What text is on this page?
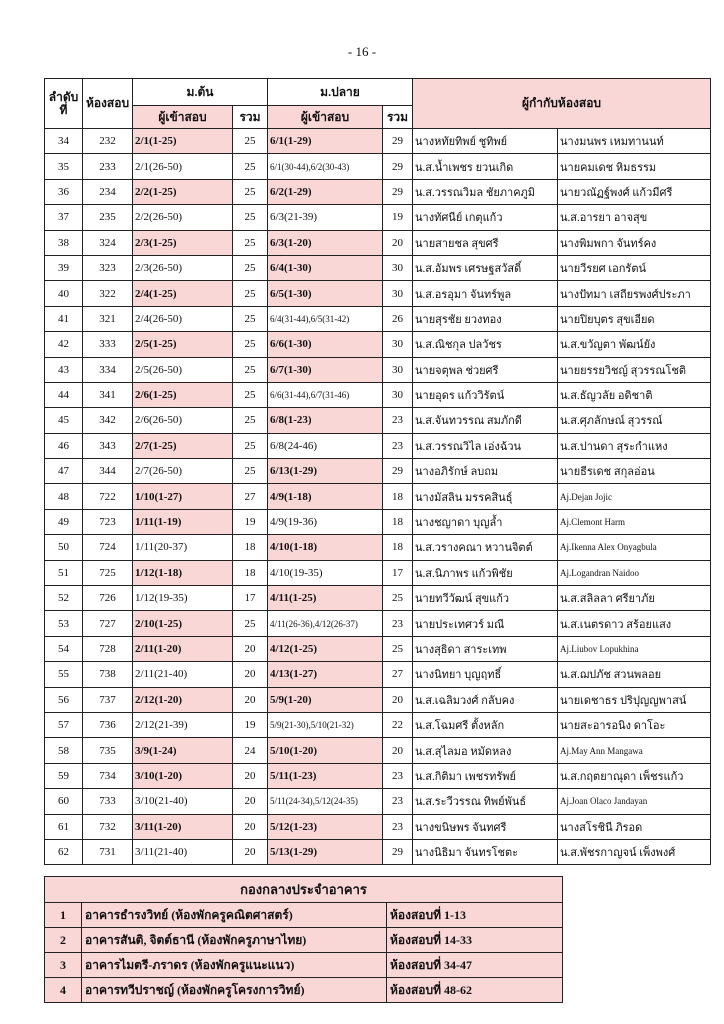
- 16 -
ลำดับที่	ห้องสอบ	ม.ต้น		ม.ปลาย		ผู้กำกับห้องสอบ	
		ผู้เข้าสอบ	รวม	ผู้เข้าสอบ	รวม		
34	232	2/1(1-25)	25	6/1(1-29)	29	นางหทัยทิพย์ ชูทิพย์	นางมนพร เหมทานนท์
35	233	2/1(26-50)	25	6/1(30-44),6/2(30-43)	29	น.ส.น้ำเพชร ยวนเกิด	นายคมเดช หิมธรรม
36	234	2/2(1-25)	25	6/2(1-29)	29	น.ส.วรรณวิมล ชัยภาคภูมิ	นายวณัฏฐ์พงศ์ แก้วมีศรี
37	235	2/2(26-50)	25	6/3(21-39)	19	นางทัศนีย์ เกตุแก้ว	น.ส.อารยา อาจสุข
38	324	2/3(1-25)	25	6/3(1-20)	20	นายสายชล สุขศรี	นางพิมพกา จันทร์คง
39	323	2/3(26-50)	25	6/4(1-30)	30	น.ส.อัมพร เศรษฐสวัสดิ์	นายวีรยศ เอกรัตน์
40	322	2/4(1-25)	25	6/5(1-30)	30	น.ส.อรอุมา จันทร์พูล	นางปัทมา เสถียรพงศ์ประภา
41	321	2/4(26-50)	25	6/4(31-44),6/5(31-42)	26	นายสุรชัย ยวงทอง	นายปิยบุตร สุขเอียด
42	333	2/5(1-25)	25	6/6(1-30)	30	น.ส.ณิชกุล ปลวัชร	น.ส.ขวัญตา พัฒน์ยัง
43	334	2/5(26-50)	25	6/7(1-30)	30	นายจตุพล ช่วยศรี	นายยรรยวิชญ์ สุวรรณโชติ
44	341	2/6(1-25)	25	6/6(31-44),6/7(31-46)	30	นายอุดร แก้ววิรัตน์	น.ส.ธัญวลัย อดิชาติ
45	342	2/6(26-50)	25	6/8(1-23)	23	น.ส.จันทวรรณ สมภักดี	น.ส.ศุภลักษณ์ สุวรรณ์
46	343	2/7(1-25)	25	6/8(24-46)	23	น.ส.วรรณวิไล เอ่งฉ้วน	น.ส.ปานดา สุระกำแหง
47	344	2/7(26-50)	25	6/13(1-29)	29	นางอภิรักษ์ ลบถม	นายธีรเดช สกุลอ่อน
48	722	1/10(1-27)	27	4/9(1-18)	18	นางมัสลิน มรรคสินธุ์	Aj.Dejan Jojic
49	723	1/11(1-19)	19	4/9(19-36)	18	นางชญาดา บุญล้ำ	Aj.Clemont Harm
50	724	1/11(20-37)	18	4/10(1-18)	18	น.ส.วรางคณา หวานจิตต์	Aj.Ikenna Alex Onyagbula
51	725	1/12(1-18)	18	4/10(19-35)	17	น.ส.นิภาพร แก้วพิชัย	Aj.Logandran Naidoo
52	726	1/12(19-35)	17	4/11(1-25)	25	นายทวีวัฒน์ สุขแก้ว	น.ส.สลิลลา ศรียาภัย
53	727	2/10(1-25)	25	4/11(26-36),4/12(26-37)	23	นายประเทศวร์ มณี	น.ส.เนตรดาว สร้อยแสง
54	728	2/11(1-20)	20	4/12(1-25)	25	นางสุธิดา สาระเทพ	Aj.Liubov Lopukhina
55	738	2/11(21-40)	20	4/13(1-27)	27	นางนิทยา บุญฤทธิ์	น.ส.ฌปภัช สวนพลอย
56	737	2/12(1-20)	20	5/9(1-20)	20	น.ส.เฉลิมวงศ์ กลับคง	นายเดชาธร ปริปุญญพาสน์
57	736	2/12(21-39)	19	5/9(21-30),5/10(21-32)	22	น.ส.โฉมศรี ตั้งหลัก	นายสะอารอนิง ดาโอะ
58	735	3/9(1-24)	24	5/10(1-20)	20	น.ส.สุไลมอ หมัดหลง	Aj.May Ann Mangawa
59	734	3/10(1-20)	20	5/11(1-23)	23	น.ส.กิติมา เพชรทรัพย์	น.ส.กฤตยาณุดา เพ็ชรแก้ว
60	733	3/10(21-40)	20	5/11(24-34),5/12(24-35)	23	น.ส.ระวีวรรณ ทิพย์พันธ์	Aj.Joan Olaco Jandayan
61	732	3/11(1-20)	20	5/12(1-23)	23	นางขนิษพร จันทศรี	นางสโรชินี ภิรอด
62	731	3/11(21-40)	20	5/13(1-29)	29	นางนิธิมา จันทรโชตะ	น.ส.พัชรกาญจน์ เพ็งพงศ์
กองกลางประจำอาคาร		
1	อาคารธำรงวิทย์ (ห้องพักครูคณิตศาสตร์)	ห้องสอบที่ 1-13
2	อาคารสันติ, จิตต์ธานี (ห้องพักครูภาษาไทย)	ห้องสอบที่ 14-33
3	อาคารไมตรี-ภราดร (ห้องพักครูแนะแนว)	ห้องสอบที่ 34-47
4	อาคารทวีปราชญ์ (ห้องพักครูโครงการวิทย์)	ห้องสอบที่ 48-62
